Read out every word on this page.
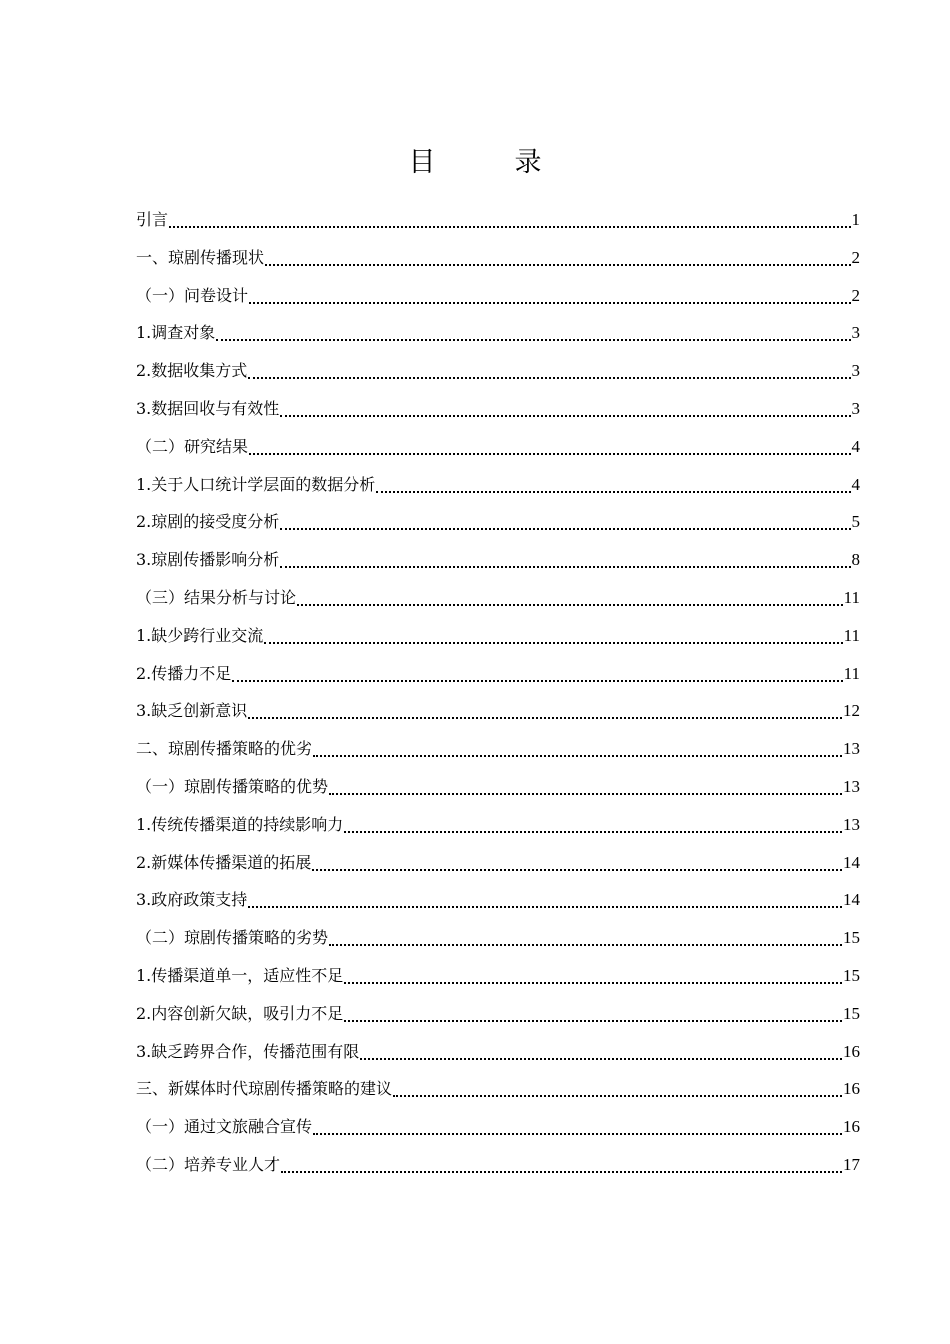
目　录
引言	1
一、琼剧传播现状	2
（一）问卷设计	2
1.调查对象	3
2.数据收集方式	3
3.数据回收与有效性	3
（二）研究结果	4
1.关于人口统计学层面的数据分析	4
2.琼剧的接受度分析	5
3.琼剧传播影响分析	8
（三）结果分析与讨论	11
1.缺少跨行业交流	11
2.传播力不足	11
3.缺乏创新意识	12
二、琼剧传播策略的优劣	13
（一）琼剧传播策略的优势	13
1.传统传播渠道的持续影响力	13
2.新媒体传播渠道的拓展	14
3.政府政策支持	14
（二）琼剧传播策略的劣势	15
1.传播渠道单一，适应性不足	15
2.内容创新欠缺，吸引力不足	15
3.缺乏跨界合作，传播范围有限	16
三、新媒体时代琼剧传播策略的建议	16
（一）通过文旅融合宣传	16
（二）培养专业人才	17
